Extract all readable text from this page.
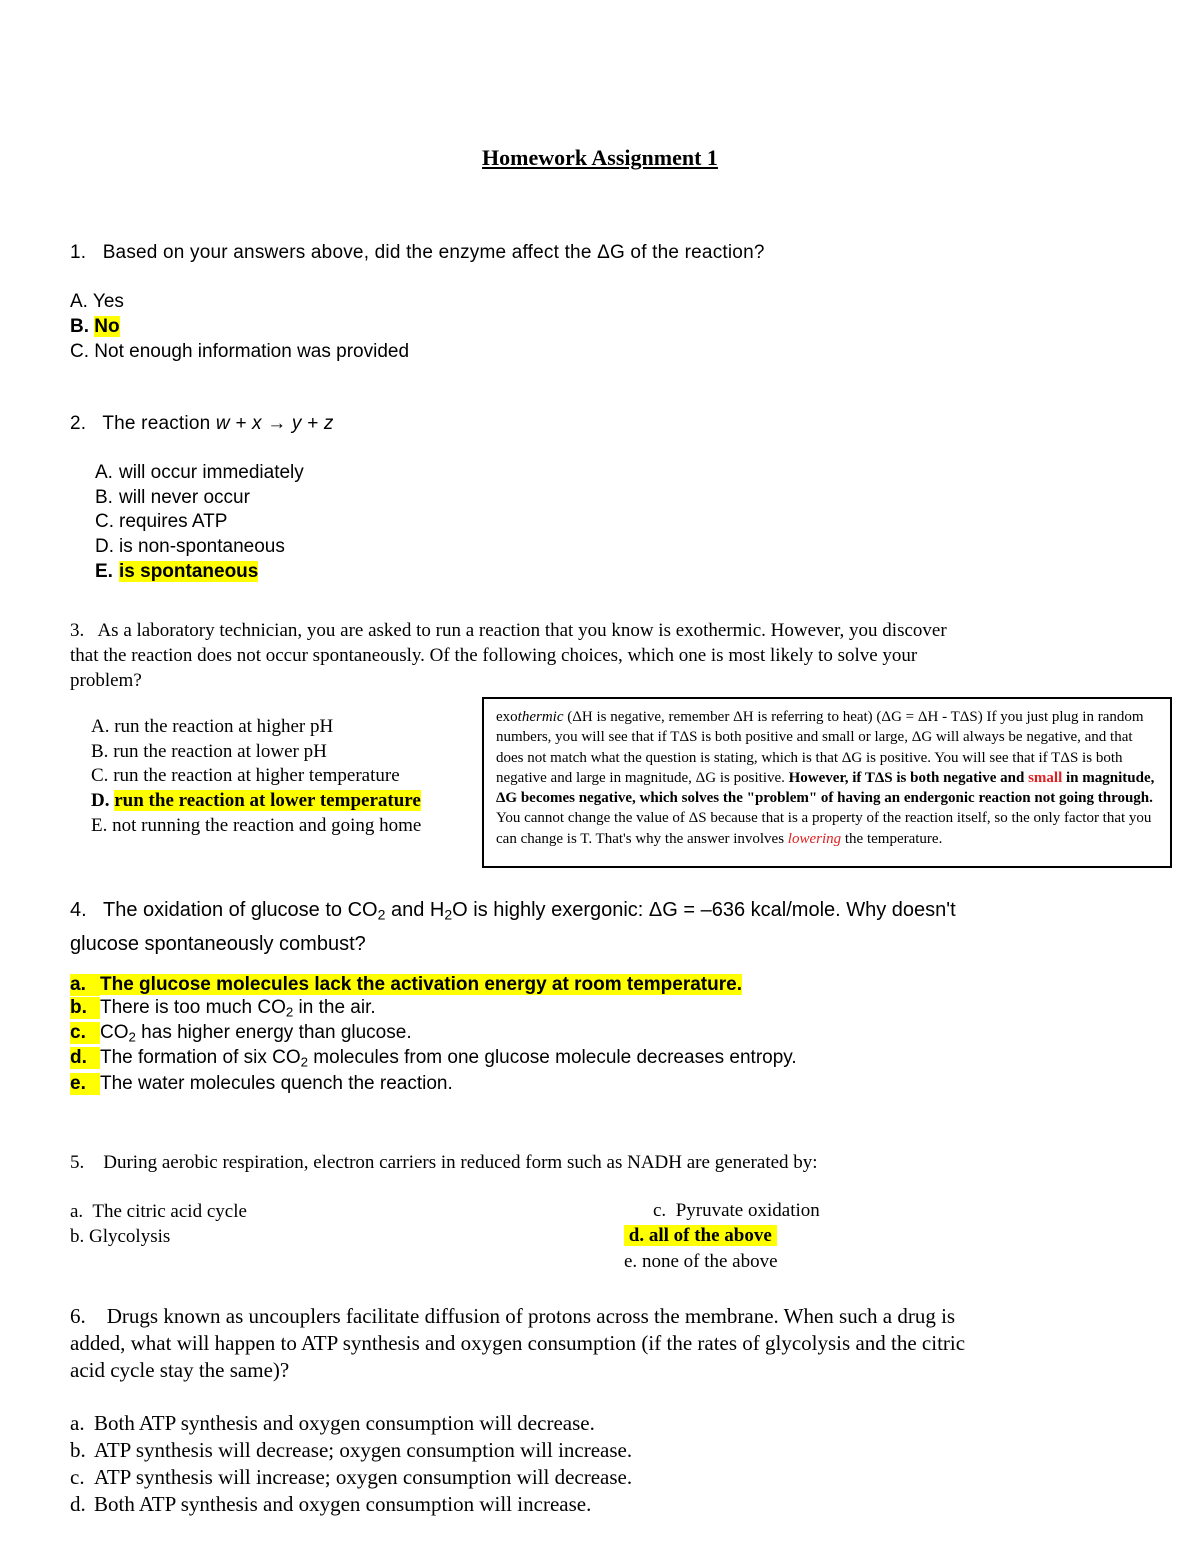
Homework Assignment 1
1. Based on your answers above, did the enzyme affect the ΔG of the reaction?
A. Yes
B. No
C. Not enough information was provided
2. The reaction w + x → y + z
A. will occur immediately
B. will never occur
C. requires ATP
D. is non-spontaneous
E. is spontaneous
3. As a laboratory technician, you are asked to run a reaction that you know is exothermic. However, you discover
that the reaction does not occur spontaneously. Of the following choices, which one is most likely to solve your
problem?
A. run the reaction at higher pH
B. run the reaction at lower pH
C. run the reaction at higher temperature
D. run the reaction at lower temperature
E. not running the reaction and going home
exothermic (ΔH is negative, remember ΔH is referring to heat) (ΔG = ΔH - TΔS) If you just plug in random numbers, you will see that if TΔS is both positive and small or large, ΔG will always be negative, and that does not match what the question is stating, which is that ΔG is positive. You will see that if TΔS is both negative and large in magnitude, ΔG is positive. However, if TΔS is both negative and small in magnitude, ΔG becomes negative, which solves the "problem" of having an endergonic reaction not going through. You cannot change the value of ΔS because that is a property of the reaction itself, so the only factor that you can change is T. That's why the answer involves lowering the temperature.
4. The oxidation of glucose to $CO_2$ and $H_2O$ is highly exergonic: ΔG = –636 kcal/mole. Why doesn't
glucose spontaneously combust?
a. The glucose molecules lack the activation energy at room temperature.
b. There is too much $CO_2$ in the air.
c. $CO_2$ has higher energy than glucose.
d. The formation of six $CO_2$ molecules from one glucose molecule decreases entropy.
e. The water molecules quench the reaction.
5. During aerobic respiration, electron carriers in reduced form such as NADH are generated by:
a. The citric acid cycle
b. Glycolysis
c. Pyruvate oxidation
d. all of the above
e. none of the above
6. Drugs known as uncouplers facilitate diffusion of protons across the membrane. When such a drug is
added, what will happen to ATP synthesis and oxygen consumption (if the rates of glycolysis and the citric
acid cycle stay the same)?
a. Both ATP synthesis and oxygen consumption will decrease.
b. ATP synthesis will decrease; oxygen consumption will increase.
c. ATP synthesis will increase; oxygen consumption will decrease.
d. Both ATP synthesis and oxygen consumption will increase.
